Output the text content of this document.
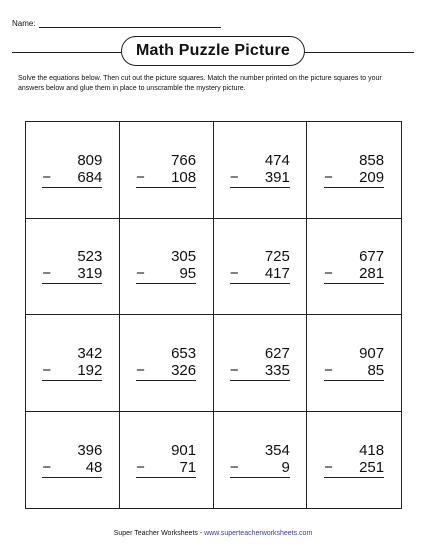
Name:
Math Puzzle Picture
Solve the equations below. Then cut out the picture squares. Match the number printed on the picture squares to your answers below and glue them in place to unscramble the mystery picture.
809
− 684
766
− 108
474
− 391
858
− 209
523
− 319
305
− 95
725
− 417
677
− 281
342
− 192
653
− 326
627
− 335
907
− 85
396
− 48
901
− 71
354
−	9
418
− 251
Super Teacher Worksheets - www.superteacherworksheets.com
